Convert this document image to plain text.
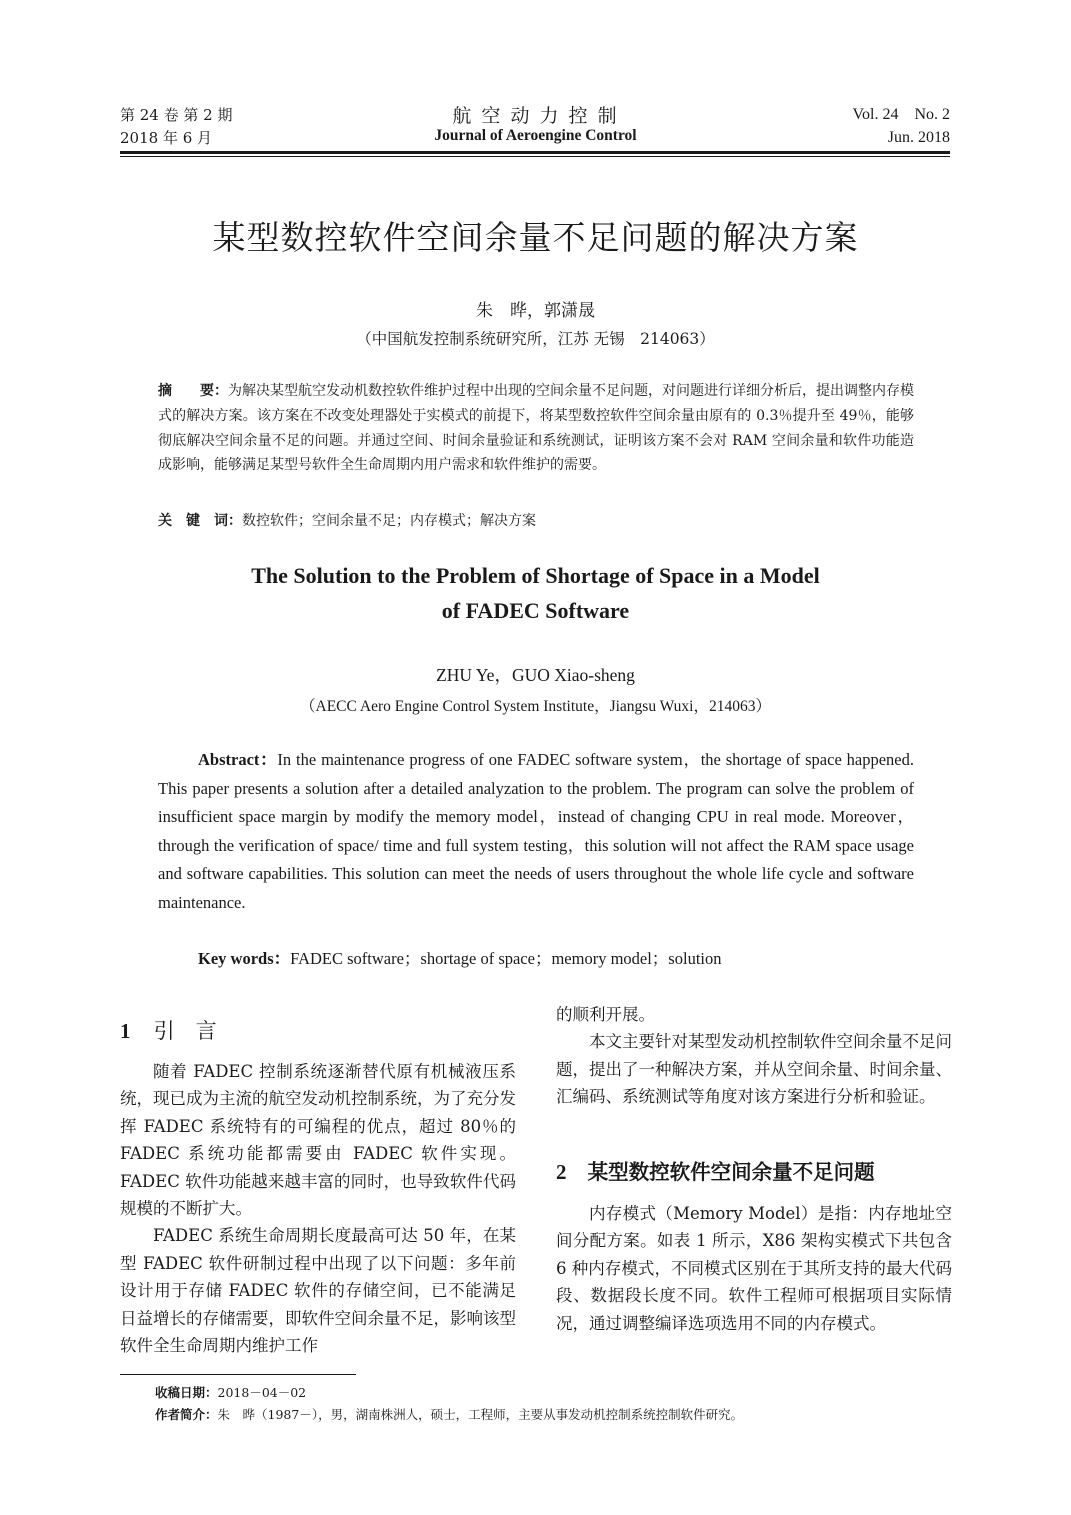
第 24 卷 第 2 期
2018 年 6 月
航 空 动 力 控 制
Journal of Aeroengine Control
Vol. 24    No. 2
Jun. 2018
某型数控软件空间余量不足问题的解决方案
朱　晔，郭潇晟
（中国航发控制系统研究所，江苏 无锡　214063）
摘　　要：为解决某型航空发动机数控软件维护过程中出现的空间余量不足问题，对问题进行详细分析后，提出调整内存模式的解决方案。该方案在不改变处理器处于实模式的前提下，将某型数控软件空间余量由原有的 0.3％提升至 49％，能够彻底解决空间余量不足的问题。并通过空间、时间余量验证和系统测试，证明该方案不会对 RAM 空间余量和软件功能造成影响，能够满足某型号软件全生命周期内用户需求和软件维护的需要。
关　键　词：数控软件；空间余量不足；内存模式；解决方案
The Solution to the Problem of Shortage of Space in a Model
of FADEC Software
ZHU Ye，GUO Xiao-sheng
（AECC Aero Engine Control System Institute，Jiangsu Wuxi，214063）
Abstract：In the maintenance progress of one FADEC software system，the shortage of space happened. This paper presents a solution after a detailed analyzation to the problem. The program can solve the problem of insufficient space margin by modify the memory model，instead of changing CPU in real mode. Moreover，through the verification of space/ time and full system testing，this solution will not affect the RAM space usage and software capabilities. This solution can meet the needs of users throughout the whole life cycle and software maintenance.
Key words：FADEC software；shortage of space；memory model；solution
1 引　言

随着 FADEC 控制系统逐渐替代原有机械液压系统，现已成为主流的航空发动机控制系统，为了充分发挥 FADEC 系统特有的可编程的优点，超过 80％的 FADEC 系统功能都需要由 FADEC 软件实现。FADEC 软件功能越来越丰富的同时，也导致软件代码规模的不断扩大。

FADEC 系统生命周期长度最高可达 50 年，在某型 FADEC 软件研制过程中出现了以下问题：多年前设计用于存储 FADEC 软件的存储空间，已不能满足日益增长的存储需要，即软件空间余量不足，影响该型软件全生命周期内维护工作

的顺利开展。

本文主要针对某型发动机控制软件空间余量不足问题，提出了一种解决方案，并从空间余量、时间余量、汇编码、系统测试等角度对该方案进行分析和验证。

2 某型数控软件空间余量不足问题

内存模式（Memory Model）是指：内存地址空间分配方案。如表 1 所示，X86 架构实模式下共包含 6 种内存模式，不同模式区别在于其所支持的最大代码段、数据段长度不同。软件工程师可根据项目实际情况，通过调整编译选项选用不同的内存模式。

收稿日期：2018－04－02
作者简介：朱　晔（1987－），男，湖南株洲人，硕士，工程师，主要从事发动机控制系统控制软件研究。
